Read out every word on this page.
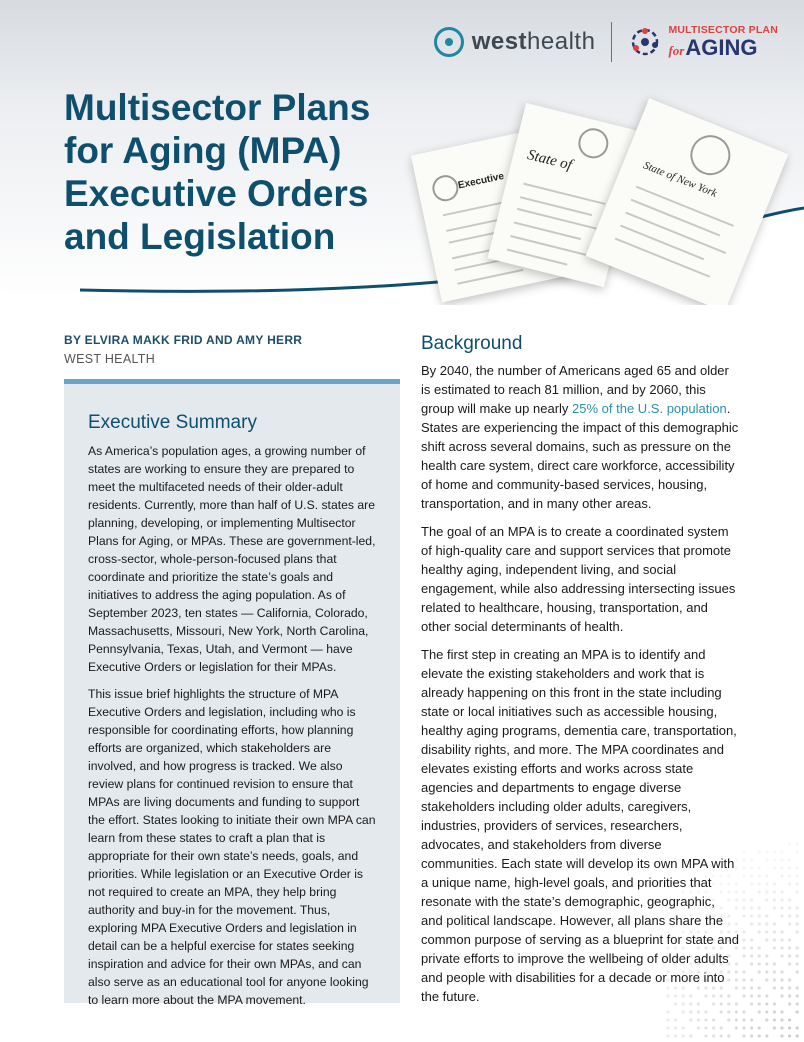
Executive
State of	State of New York
westhealth	MULTISECTOR PLAN
forAGING
Multisector Plans
for Aging (MPA)
Executive Orders
and Legislation
BY ELVIRA MAKK FRID AND AMY HERR
WEST HEALTH
Executive Summary

As America’s population ages, a growing number of states are working to ensure they are prepared to meet the multifaceted needs of their older-adult residents. Currently, more than half of U.S. states are planning, developing, or implementing Multisector Plans for Aging, or MPAs. These are government-led, cross-sector, whole-person-focused plans that coordinate and prioritize the state’s goals and initiatives to address the aging population. As of September 2023, ten states — California, Colorado, Massachusetts, Missouri, New York, North Carolina, Pennsylvania, Texas, Utah, and Vermont — have Executive Orders or legislation for their MPAs.

This issue brief highlights the structure of MPA Executive Orders and legislation, including who is responsible for coordinating efforts, how planning efforts are organized, which stakeholders are involved, and how progress is tracked. We also review plans for continued revision to ensure that MPAs are living documents and funding to support the effort. States looking to initiate their own MPA can learn from these states to craft a plan that is appropriate for their own state’s needs, goals, and priorities. While legislation or an Executive Order is not required to create an MPA, they help bring authority and buy-in for the movement. Thus, exploring MPA Executive Orders and legislation in detail can be a helpful exercise for states seeking inspiration and advice for their own MPAs, and can also serve as an educational tool for anyone looking to learn more about the MPA movement.

Background

By 2040, the number of Americans aged 65 and older is estimated to reach 81 million, and by 2060, this group will make up nearly 25% of the U.S. population. States are experiencing the impact of this demographic shift across several domains, such as pressure on the health care system, direct care workforce, accessibility of home and community-based services, housing, transportation, and in many other areas.

The goal of an MPA is to create a coordinated system of high-quality care and support services that promote healthy aging, independent living, and social engagement, while also addressing intersecting issues related to healthcare, housing, transportation, and other social determinants of health.

The first step in creating an MPA is to identify and elevate the existing stakeholders and work that is already happening on this front in the state including state or local initiatives such as accessible housing, healthy aging programs, dementia care, transportation, disability rights, and more. The MPA coordinates and elevates existing efforts and works across state agencies and departments to engage diverse stakeholders including older adults, caregivers, industries, providers of services, researchers, advocates, and stakeholders from diverse communities. Each state will develop its own MPA with a unique name, high-level goals, and priorities that resonate with the state’s demographic, geographic, and political landscape. However, all plans share the common purpose of serving as a blueprint for state and private efforts to improve the wellbeing of older adults and people with disabilities for a decade or more into the future.
